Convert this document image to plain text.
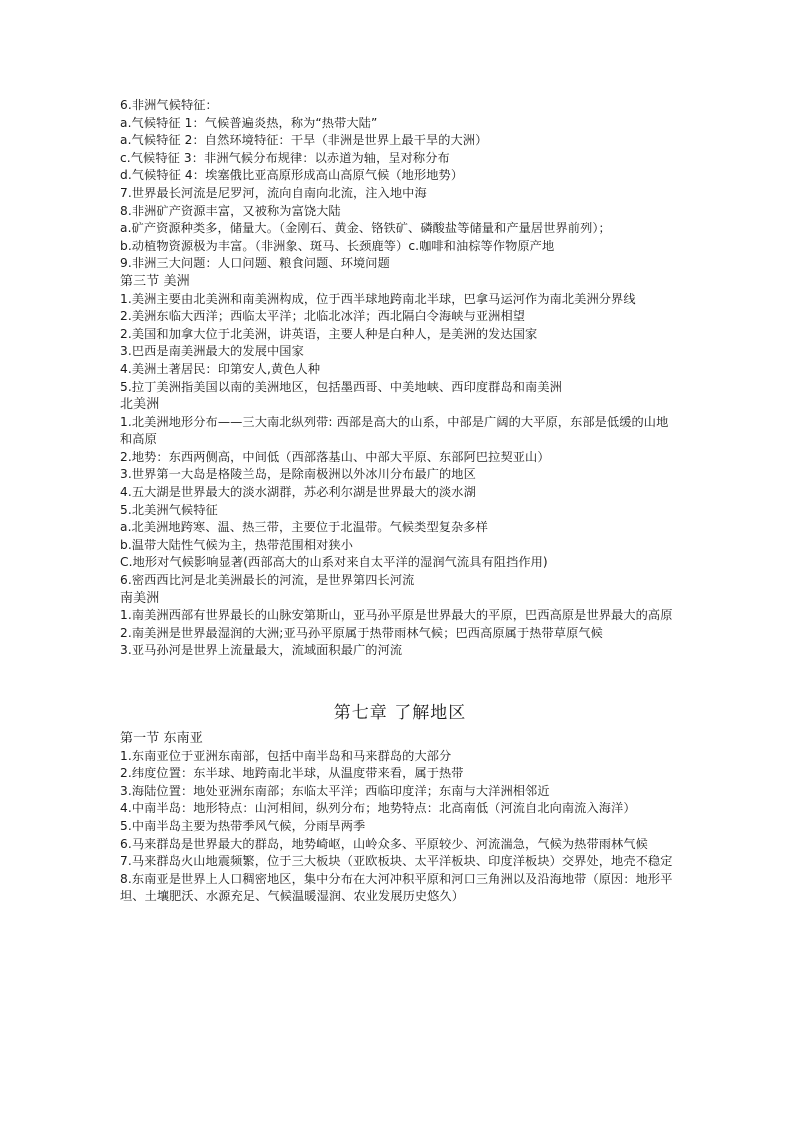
6.非洲气候特征：
a.气候特征 1：气候普遍炎热，称为“热带大陆”
a.气候特征 2：自然环境特征：干旱（非洲是世界上最干旱的大洲）
c.气候特征 3：非洲气候分布规律：以赤道为轴，呈对称分布
d.气候特征 4：埃塞俄比亚高原形成高山高原气候（地形地势）
7.世界最长河流是尼罗河，流向自南向北流，注入地中海
8.非洲矿产资源丰富，又被称为富饶大陆
a.矿产资源种类多，储量大。（金刚石、黄金、铬铁矿、磷酸盐等储量和产量居世界前列）；
b.动植物资源极为丰富。（非洲象、斑马、长颈鹿等）c.咖啡和油棕等作物原产地
9.非洲三大问题：人口问题、粮食问题、环境问题
第三节 美洲
1.美洲主要由北美洲和南美洲构成，位于西半球地跨南北半球，巴拿马运河作为南北美洲分界线
2.美洲东临大西洋；西临太平洋；北临北冰洋；西北隔白令海峡与亚洲相望
2.美国和加拿大位于北美洲，讲英语，主要人种是白种人，是美洲的发达国家
3.巴西是南美洲最大的发展中国家
4.美洲土著居民：印第安人,黄色人种
5.拉丁美洲指美国以南的美洲地区，包括墨西哥、中美地峡、西印度群岛和南美洲
北美洲
1.北美洲地形分布——三大南北纵列带: 西部是高大的山系，中部是广阔的大平原，东部是低缓的山地和高原
2.地势：东西两侧高，中间低（西部落基山、中部大平原、东部阿巴拉契亚山）
3.世界第一大岛是格陵兰岛，是除南极洲以外冰川分布最广的地区
4.五大湖是世界最大的淡水湖群，苏必利尔湖是世界最大的淡水湖
5.北美洲气候特征
a.北美洲地跨寒、温、热三带，主要位于北温带。气候类型复杂多样
b.温带大陆性气候为主，热带范围相对狭小
C.地形对气候影响显著(西部高大的山系对来自太平洋的湿润气流具有阻挡作用)
6.密西西比河是北美洲最长的河流，是世界第四长河流
南美洲
1.南美洲西部有世界最长的山脉安第斯山，亚马孙平原是世界最大的平原，巴西高原是世界最大的高原
2.南美洲是世界最湿润的大洲;亚马孙平原属于热带雨林气候；巴西高原属于热带草原气候
3.亚马孙河是世界上流量最大，流域面积最广的河流
第七章 了解地区
第一节 东南亚
1.东南亚位于亚洲东南部，包括中南半岛和马来群岛的大部分
2.纬度位置：东半球、地跨南北半球，从温度带来看，属于热带
3.海陆位置：地处亚洲东南部；东临太平洋；西临印度洋；东南与大洋洲相邻近
4.中南半岛：地形特点：山河相间，纵列分布；地势特点：北高南低（河流自北向南流入海洋）
5.中南半岛主要为热带季风气候，分雨旱两季
6.马来群岛是世界最大的群岛，地势崎岖，山岭众多、平原较少、河流湍急，气候为热带雨林气候
7.马来群岛火山地震频繁，位于三大板块（亚欧板块、太平洋板块、印度洋板块）交界处，地壳不稳定
8.东南亚是世界上人口稠密地区，集中分布在大河冲积平原和河口三角洲以及沿海地带（原因：地形平坦、土壤肥沃、水源充足、气候温暖湿润、农业发展历史悠久）
